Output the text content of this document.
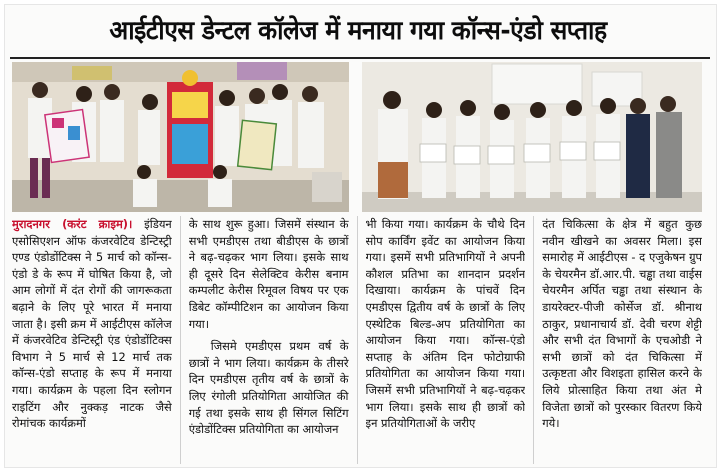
आईटीएस डेन्टल कॉलेज में मनाया गया कॉन्स-एंडो सप्ताह

मुरादनगर (करंट क्राइम)। इंडियन एसोसिएशन ऑफ कंजरवेटिव डेन्टिस्ट्री एण्ड एंडोडोंटिक्स ने 5 मार्च को कॉन्स-एंडो डे के रूप में घोषित किया है, जो आम लोगों में दंत रोगों की जागरूकता बढ़ाने के लिए पूरे भारत में मनाया जाता है। इसी क्रम में आईटीएस कॉलेज में कंजरवेटिव डेन्टिस्ट्री एंड एंडोडोंटिक्स विभाग ने 5 मार्च से 12 मार्च तक कॉन्स-एंडो सप्ताह के रूप में मनाया गया। कार्यक्रम के पहला दिन स्लोगन राइटिंग और नुक्कड़ नाटक जैसे रोमांचक कार्यक्रमों

के साथ शुरू हुआ। जिसमें संस्थान के सभी एमडीएस तथा बीडीएस के छात्रों ने बढ़-चढ़कर भाग लिया। इसके साथ ही दूसरे दिन सेलेक्टिव केरीस बनाम कम्पलीट केरीस रिमूवल विषय पर एक डिबेट कॉम्पीटिशन का आयोजन किया गया।

जिसमे एमडीएस प्रथम वर्ष के छात्रों ने भाग लिया। कार्यक्रम के तीसरे दिन एमडीएस तृतीय वर्ष के छात्रों के लिए रंगोली प्रतियोगिता आयोजित की गई तथा इसके साथ ही सिंगल सिटिंग एंडोडोंटिक्स प्रतियोगिता का आयोजन

भी किया गया। कार्यक्रम के चौथे दिन सोप कार्विंग इवेंट का आयोजन किया गया। इसमें सभी प्रतिभागियों ने अपनी कौशल प्रतिभा का शानदान प्रदर्शन दिखाया। कार्यक्रम के पांचवें दिन एमडीएस द्वितीय वर्ष के छात्रों के लिए एस्थेटिक बिल्ड-अप प्रतियोगिता का आयोजन किया गया। कॉन्स-एंडो सप्ताह के अंतिम दिन फोटोग्राफी प्रतियोगिता का आयोजन किया गया। जिसमें सभी प्रतिभागियों ने बढ़-चढ़कर भाग लिया। इसके साथ ही छात्रों को इन प्रतियोगिताओं के जरीए

दंत चिकित्सा के क्षेत्र में बहुत कुछ नवीन खीखने का अवसर मिला। इस समारोह में आईटीएस - द एजुकेषन ग्रुप के चेयरमैन डॉ.आर.पी. चड्ढा तथा वाईस चेयरमैन अर्पित चड्ढा तथा संस्थान के डायरेक्टर-पीजी कोर्सेज डॉ. श्रीनाथ ठाकुर, प्रधानाचार्य डॉ. देवी चरण शेट्टी और सभी दंत विभागों के एचओडी ने सभी छात्रों को दंत चिकित्सा में उत्कृष्टता और विशइता हासिल करने के लिये प्रोत्साहित किया तथा अंत मे विजेता छात्रों को पुरस्कार वितरण किये गये।
